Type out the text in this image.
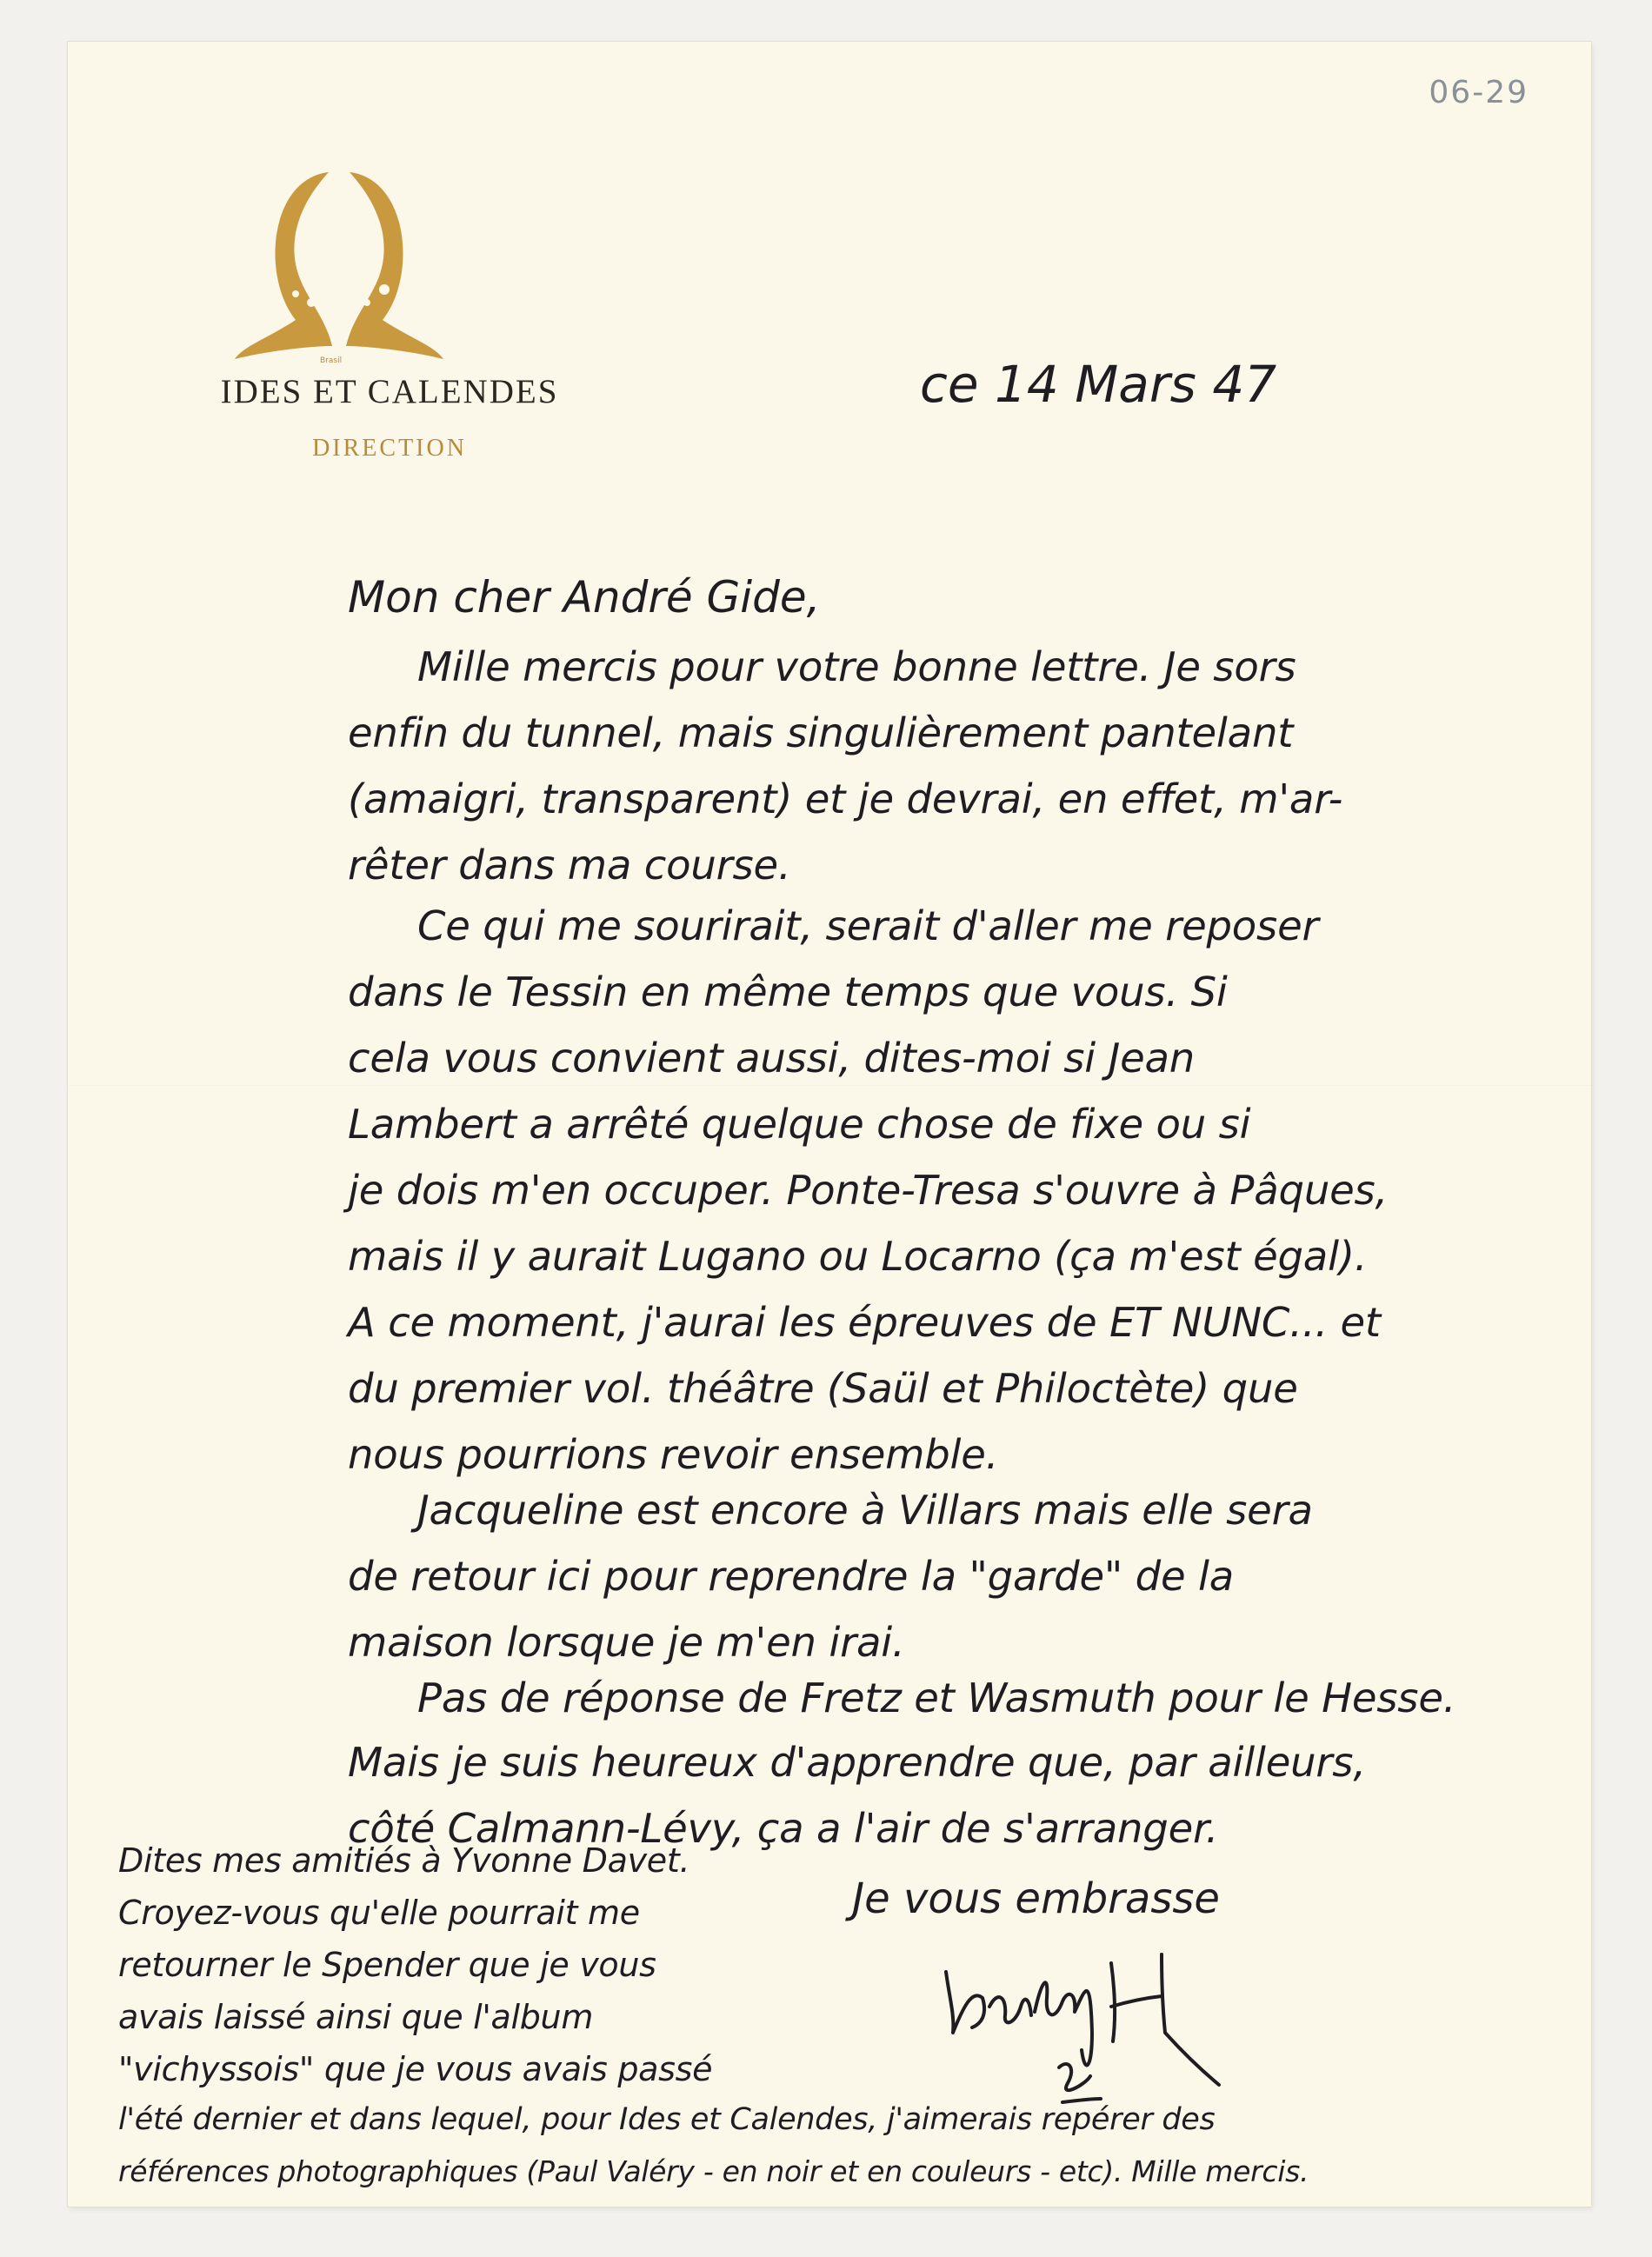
06-29
Brasil
IDES ET CALENDES
DIRECTION

ce 14 Mars 47

Mon cher André Gide,

Mille mercis pour votre bonne lettre. Je sors

enfin du tunnel, mais singulièrement pantelant

(amaigri, transparent) et je devrai, en effet, m'ar-

rêter dans ma course.

Ce qui me sourirait, serait d'aller me reposer

dans le Tessin en même temps que vous. Si

cela vous convient aussi, dites-moi si Jean

Lambert a arrêté quelque chose de fixe ou si

je dois m'en occuper. Ponte-Tresa s'ouvre à Pâques,

mais il y aurait Lugano ou Locarno (ça m'est égal).

A ce moment, j'aurai les épreuves de ET NUNC... et

du premier vol. théâtre (Saül et Philoctète) que

nous pourrions revoir ensemble.

Jacqueline est encore à Villars mais elle sera

de retour ici pour reprendre la "garde" de la

maison lorsque je m'en irai.

Pas de réponse de Fretz et Wasmuth pour le Hesse.

Mais je suis heureux d'apprendre que, par ailleurs,

côté Calmann-Lévy, ça a l'air de s'arranger.

Je vous embrasse

Dites mes amitiés à Yvonne Davet.

Croyez-vous qu'elle pourrait me

retourner le Spender que je vous

avais laissé ainsi que l'album

"vichyssois" que je vous avais passé

l'été dernier et dans lequel, pour Ides et Calendes, j'aimerais repérer des

références photographiques (Paul Valéry - en noir et en couleurs - etc). Mille mercis.
